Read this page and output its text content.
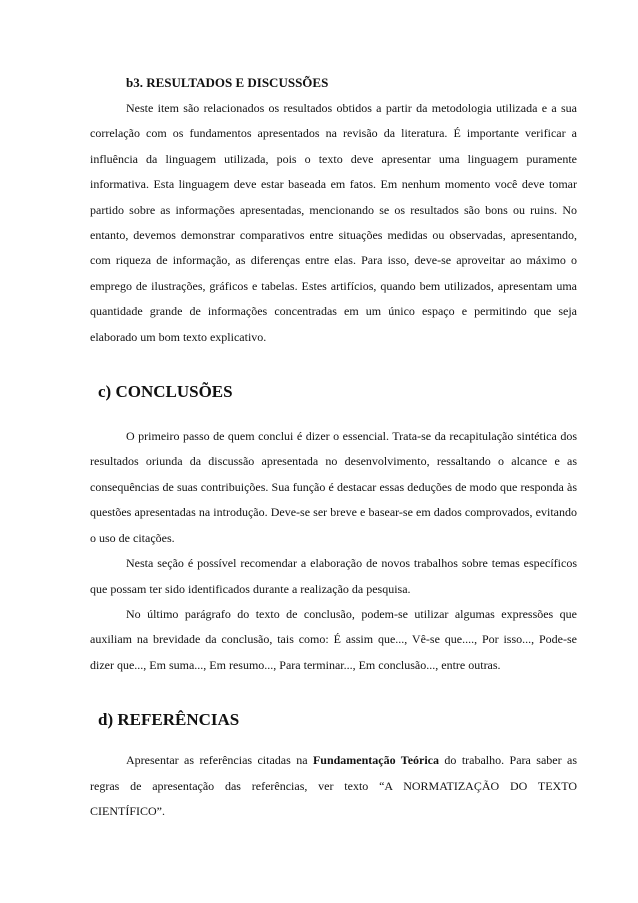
b3. RESULTADOS E DISCUSSÕES

Neste item são relacionados os resultados obtidos a partir da metodologia utilizada e a sua correlação com os fundamentos apresentados na revisão da literatura. É importante verificar a influência da linguagem utilizada, pois o texto deve apresentar uma linguagem puramente informativa. Esta linguagem deve estar baseada em fatos. Em nenhum momento você deve tomar partido sobre as informações apresentadas, mencionando se os resultados são bons ou ruins. No entanto, devemos demonstrar comparativos entre situações medidas ou observadas, apresentando, com riqueza de informação, as diferenças entre elas. Para isso, deve-se aproveitar ao máximo o emprego de ilustrações, gráficos e tabelas. Estes artifícios, quando bem utilizados, apresentam uma quantidade grande de informações concentradas em um único espaço e permitindo que seja elaborado um bom texto explicativo.

c) CONCLUSÕES

O primeiro passo de quem conclui é dizer o essencial. Trata-se da recapitulação sintética dos resultados oriunda da discussão apresentada no desenvolvimento, ressaltando o alcance e as consequências de suas contribuições. Sua função é destacar essas deduções de modo que responda às questões apresentadas na introdução. Deve-se ser breve e basear-se em dados comprovados, evitando o uso de citações.

Nesta seção é possível recomendar a elaboração de novos trabalhos sobre temas específicos que possam ter sido identificados durante a realização da pesquisa.

No último parágrafo do texto de conclusão, podem-se utilizar algumas expressões que auxiliam na brevidade da conclusão, tais como: É assim que..., Vê-se que...., Por isso..., Pode-se dizer que..., Em suma..., Em resumo..., Para terminar..., Em conclusão..., entre outras.

d) REFERÊNCIAS

Apresentar as referências citadas na Fundamentação Teórica do trabalho. Para saber as regras de apresentação das referências, ver texto “A NORMATIZAÇÃO DO TEXTO CIENTÍFICO”.
